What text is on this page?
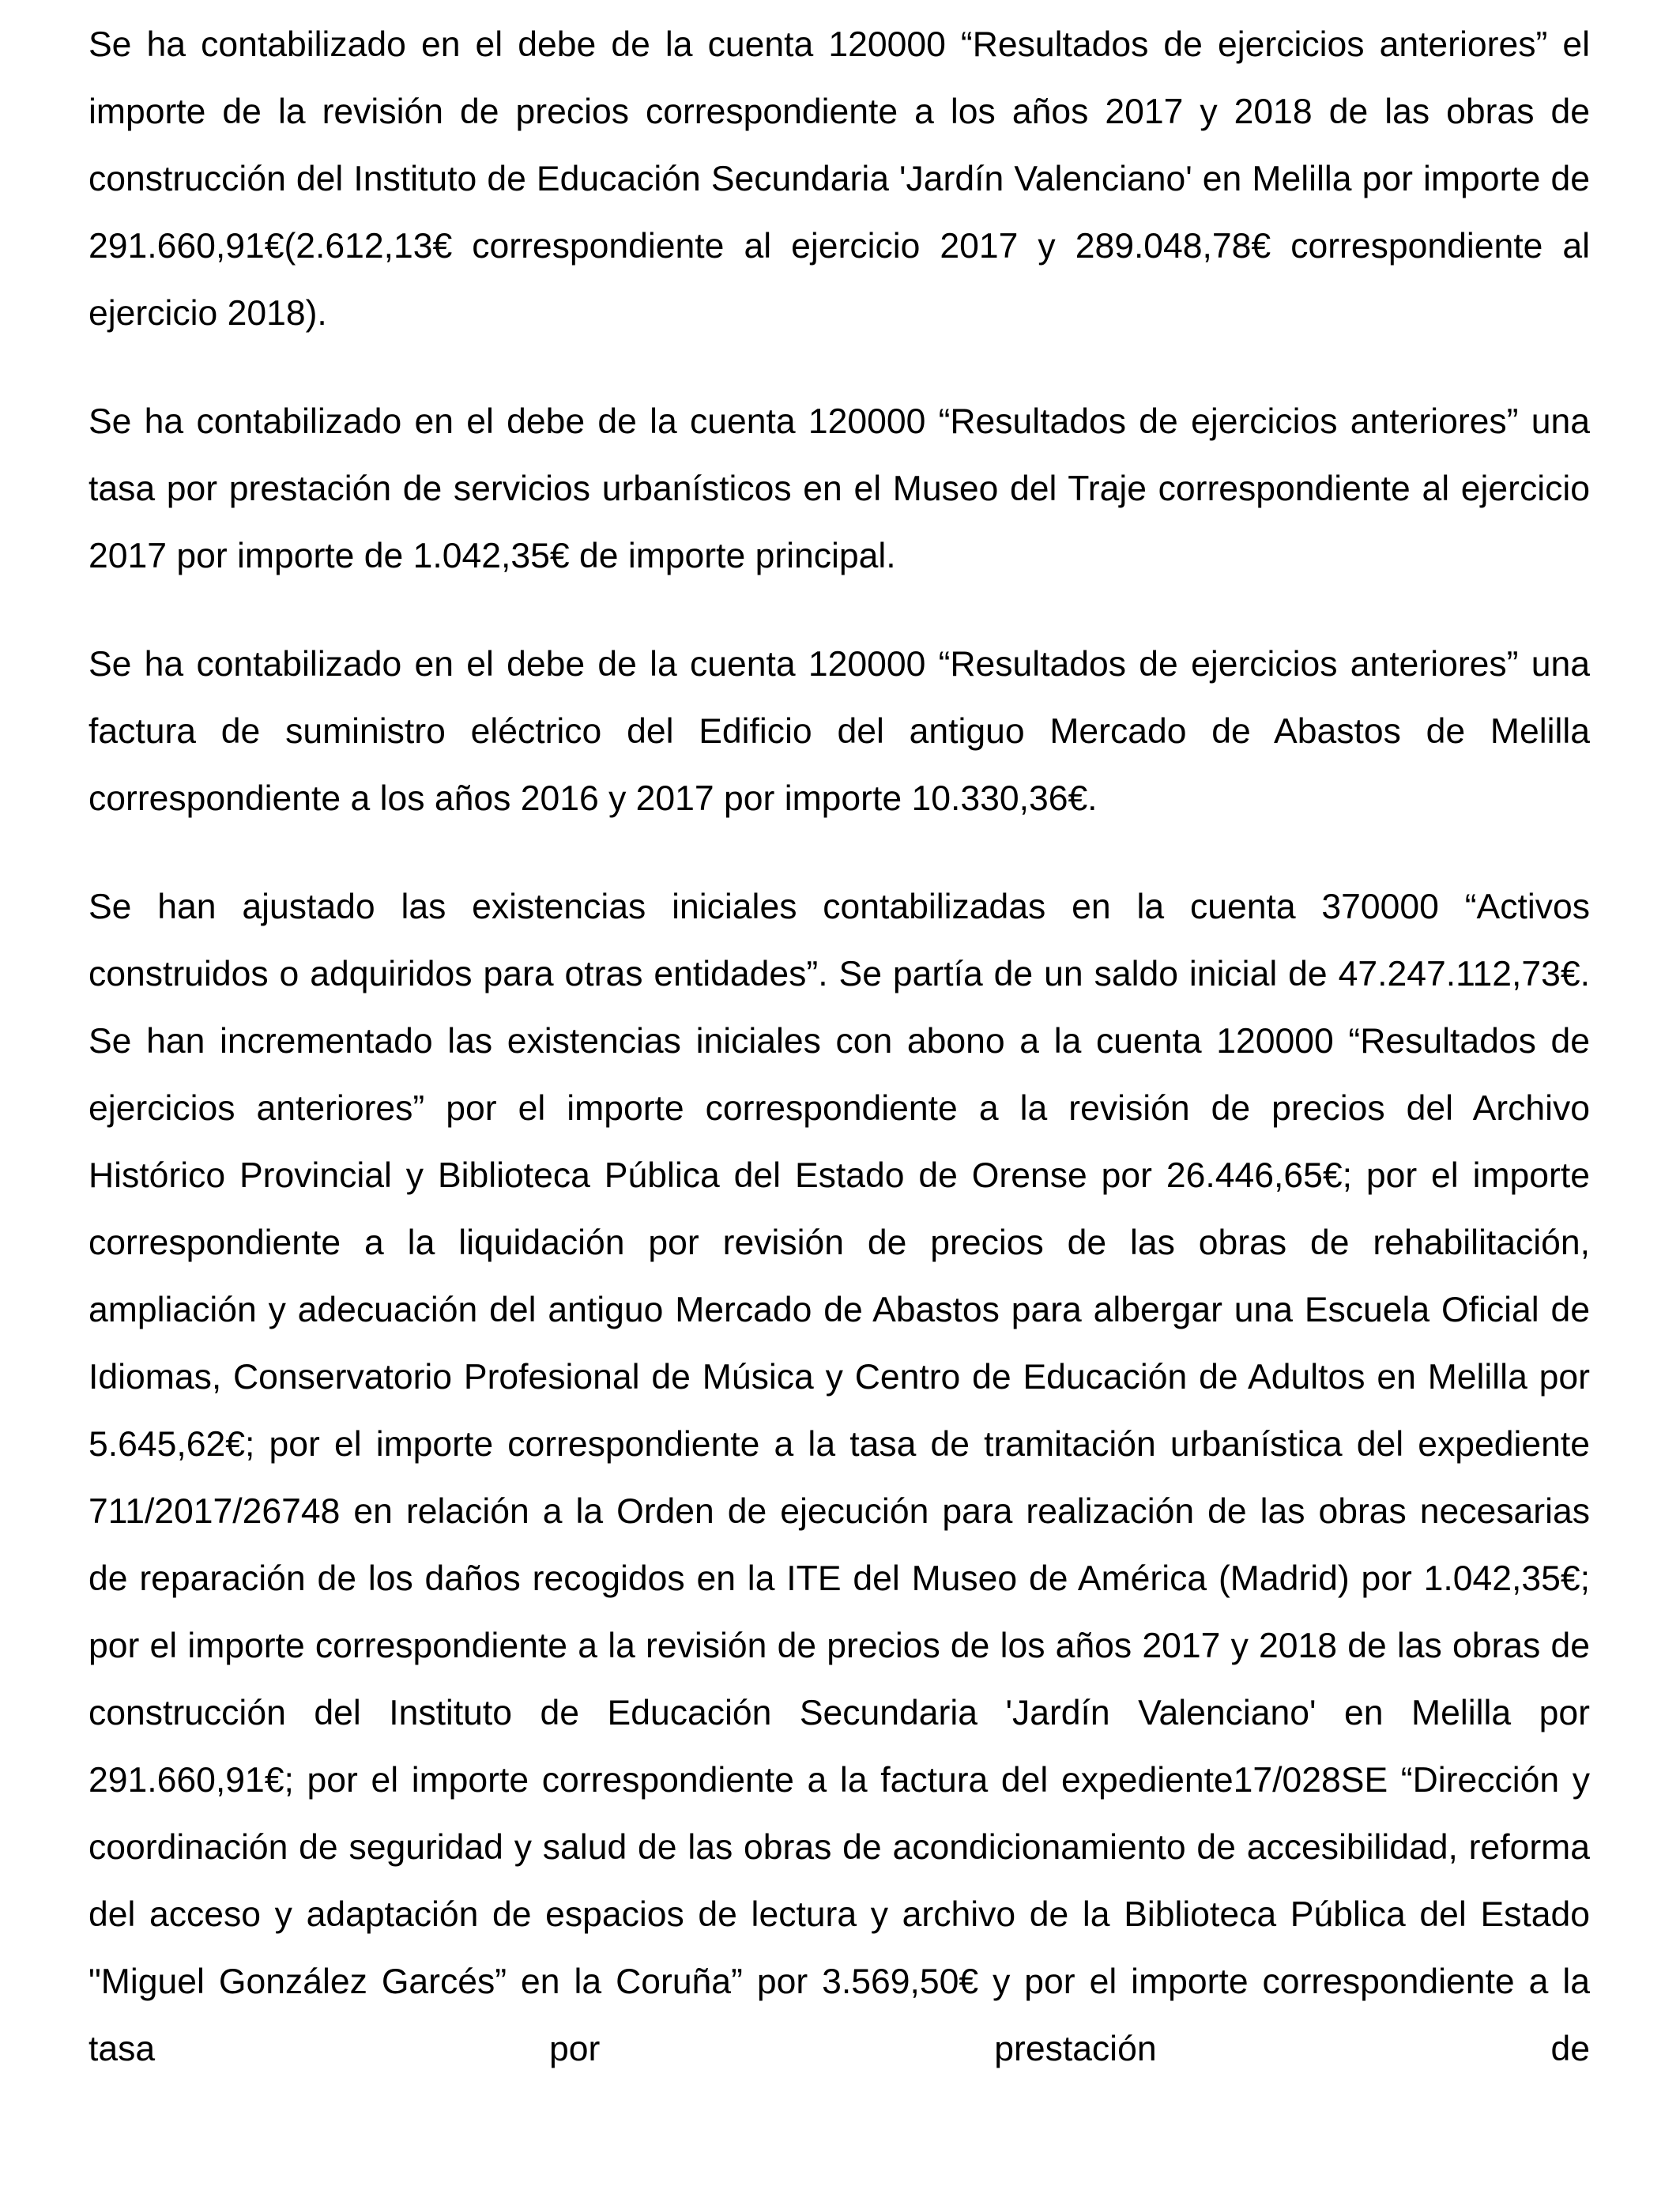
Se ha contabilizado en el debe de la cuenta 120000 “Resultados de ejercicios anteriores” el importe de la revisión de precios correspondiente a los años 2017 y 2018 de las obras de construcción del Instituto de Educación Secundaria 'Jardín Valenciano' en Melilla por importe de 291.660,91€(2.612,13€ correspondiente al ejercicio 2017 y 289.048,78€ correspondiente al ejercicio 2018).

Se ha contabilizado en el debe de la cuenta 120000 “Resultados de ejercicios anteriores” una tasa por prestación de servicios urbanísticos en el Museo del Traje correspondiente al ejercicio 2017 por importe de 1.042,35€ de importe principal.

Se ha contabilizado en el debe de la cuenta 120000 “Resultados de ejercicios anteriores” una factura de suministro eléctrico del Edificio del antiguo Mercado de Abastos de Melilla correspondiente a los años 2016 y 2017 por importe 10.330,36€.

Se han ajustado las existencias iniciales contabilizadas en la cuenta 370000 “Activos construidos o adquiridos para otras entidades”. Se partía de un saldo inicial de 47.247.112,73€. Se han incrementado las existencias iniciales con abono a la cuenta 120000 “Resultados de ejercicios anteriores” por el importe correspondiente a la revisión de precios del Archivo Histórico Provincial y Biblioteca Pública del Estado de Orense por 26.446,65€; por el importe correspondiente a la liquidación por revisión de precios de las obras de rehabilitación, ampliación y adecuación del antiguo Mercado de Abastos para albergar una Escuela Oficial de Idiomas, Conservatorio Profesional de Música y Centro de Educación de Adultos en Melilla por 5.645,62€; por el importe correspondiente a la tasa de tramitación urbanística del expediente 711/2017/26748 en relación a la Orden de ejecución para realización de las obras necesarias de reparación de los daños recogidos en la ITE del Museo de América (Madrid) por 1.042,35€; por el importe correspondiente a la revisión de precios de los años 2017 y 2018 de las obras de construcción del Instituto de Educación Secundaria 'Jardín Valenciano' en Melilla por 291.660,91€; por el importe correspondiente a la factura del expediente17/028SE “Dirección y coordinación de seguridad y salud de las obras de acondicionamiento de accesibilidad, reforma del acceso y adaptación de espacios de lectura y archivo de la Biblioteca Pública del Estado "Miguel González Garcés” en la Coruña” por 3.569,50€ y por el importe correspondiente a la tasa por prestación de
